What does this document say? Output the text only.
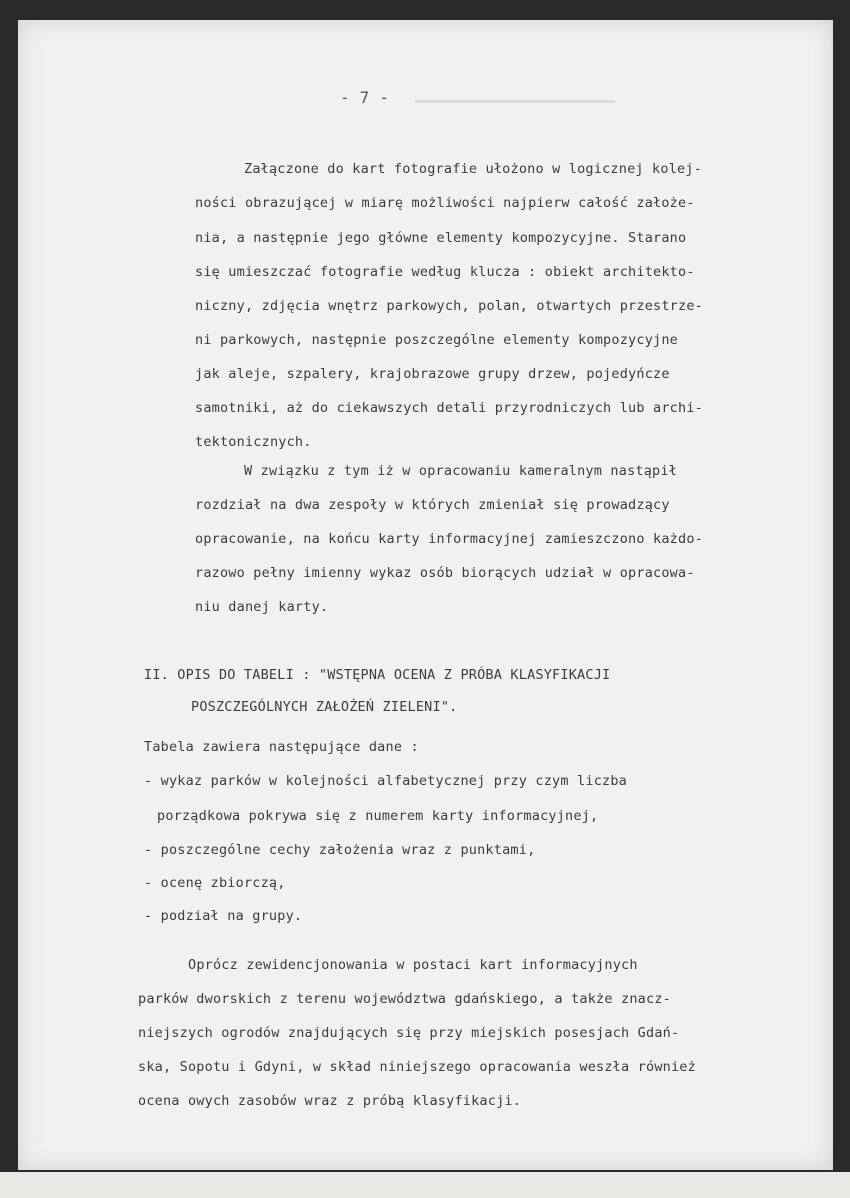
- 7 -
Załączone do kart fotografie ułożono w logicznej kolej-
ności obrazującej w miarę możliwości najpierw całość założe-
nia, a następnie jego główne elementy kompozycyjne. Starano
się umieszczać fotografie według klucza : obiekt architekto-
niczny, zdjęcia wnętrz parkowych, polan, otwartych przestrze-
ni parkowych, następnie poszczególne elementy kompozycyjne
jak aleje, szpalery, krajobrazowe grupy drzew, pojedyńcze
samotniki, aż do ciekawszych detali przyrodniczych lub archi-
tektonicznych.
W związku z tym iż w opracowaniu kameralnym nastąpił
rozdział na dwa zespoły w których zmieniał się prowadzący
opracowanie, na końcu karty informacyjnej zamieszczono każdo-
razowo pełny imienny wykaz osób biorących udział w opracowa-
niu danej karty.
II. OPIS DO TABELI : "WSTĘPNA OCENA Z PRÓBA KLASYFIKACJI
POSZCZEGÓLNYCH ZAŁOŻEŃ ZIELENI".
Tabela zawiera następujące dane :
- wykaz parków w kolejności alfabetycznej przy czym liczba
porządkowa pokrywa się z numerem karty informacyjnej,
- poszczególne cechy założenia wraz z punktami,
- ocenę zbiorczą,
- podział na grupy.
Oprócz zewidencjonowania w postaci kart informacyjnych
parków dworskich z terenu województwa gdańskiego, a także znacz-
niejszych ogrodów znajdujących się przy miejskich posesjach Gdań-
ska, Sopotu i Gdyni, w skład niniejszego opracowania weszła również
ocena owych zasobów wraz z próbą klasyfikacji.
